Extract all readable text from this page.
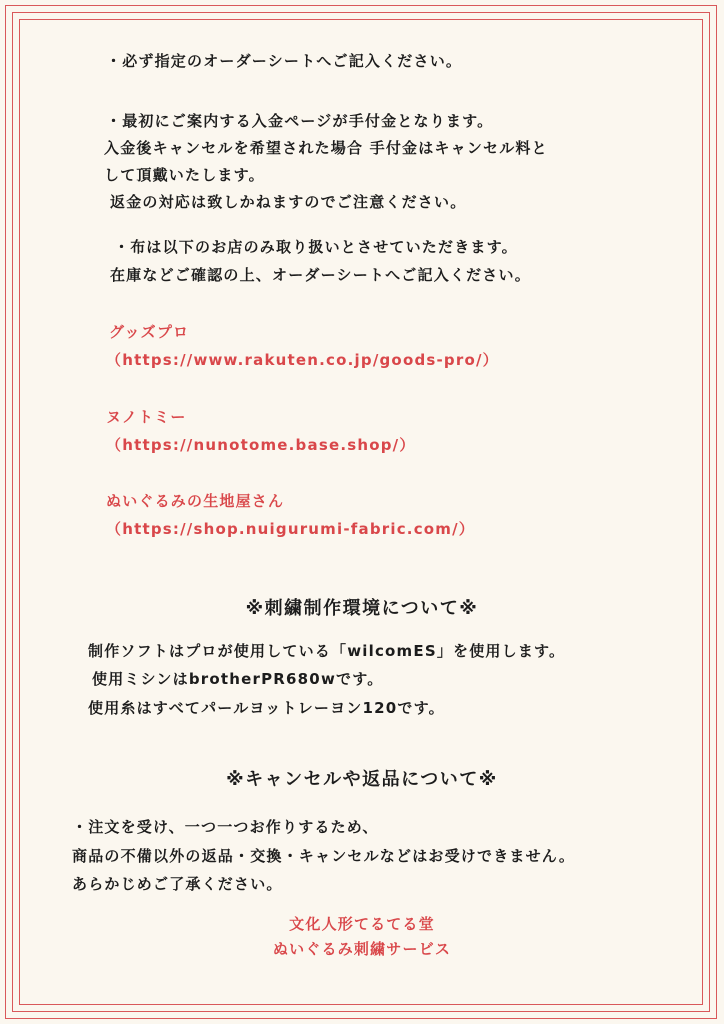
・必ず指定のオーダーシートへご記入ください。
・最初にご案内する入金ページが手付金となります。
入金後キャンセルを希望された場合 手付金はキャンセル料と
して頂戴いたします。
返金の対応は致しかねますのでご注意ください。
・布は以下のお店のみ取り扱いとさせていただきます。
在庫などご確認の上、オーダーシートへご記入ください。
グッズプロ
（https://www.rakuten.co.jp/goods-pro/）
ヌノトミー
（https://nunotome.base.shop/）
ぬいぐるみの生地屋さん
（https://shop.nuigurumi-fabric.com/）
※刺繍制作環境について※
制作ソフトはプロが使用している「wilcomES」を使用します。
使用ミシンはbrotherPR680wです。
使用糸はすべてパールヨットレーヨン120です。
※キャンセルや返品について※
・注文を受け、一つ一つお作りするため、
商品の不備以外の返品・交換・キャンセルなどはお受けできません。
あらかじめご了承ください。
文化人形てるてる堂
ぬいぐるみ刺繍サービス
